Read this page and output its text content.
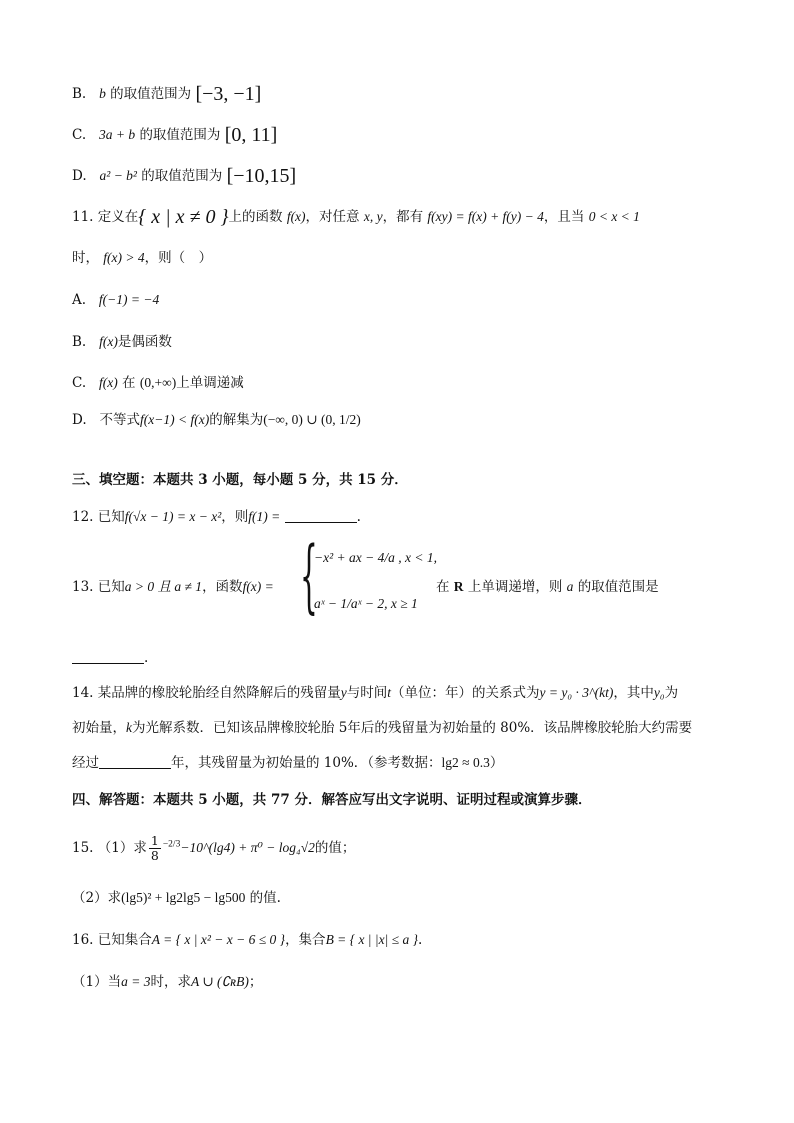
B. b 的取值范围为 [−3, −1]
C. 3a + b 的取值范围为 [0, 11]
D. a² − b² 的取值范围为 [−10,15]
11. 定义在{ x | x ≠ 0 }上的函数 f(x)，对任意 x, y，都有 f(xy) = f(x) + f(y) − 4，且当 0 < x < 1
时， f(x) > 4，则（　）
A. f(−1) = −4
B. f(x)是偶函数
C. f(x) 在 (0,+∞)上单调递减
D. 不等式f(x−1) < f(x)的解集为(−∞, 0) ∪ (0, 1/2)
三、填空题：本题共 3 小题，每小题 5 分，共 15 分．
12. 已知f(√x − 1) = x − x²，则f(1) =	.
13. 已知a > 0 且 a ≠ 1，函数f(x) = {
−x² + ax − 4/a , x < 1,
aˣ − 1/aˣ − 2, x ≥ 1
在 R 上单调递增，则 a 的取值范围是
.
14. 某品牌的橡胶轮胎经自然降解后的残留量y与时间t（单位：年）的关系式为y = y₀ · 3^(kt)，其中y₀为
初始量，k为光解系数．已知该品牌橡胶轮胎 5年后的残留量为初始量的 80%．该品牌橡胶轮胎大约需要
经过	年，其残留量为初始量的 10%．（参考数据：lg2 ≈ 0.3）
四、解答题：本题共 5 小题，共 77 分．解答应写出文字说明、证明过程或演算步骤．
15. （1）求 $\frac{1}{8}$ $^{-2/3}$−10^(lg4) + π⁰ − log₄√2的值；
（2）求(lg5)² + lg2lg5 − lg500 的值.
16. 已知集合A = { x | x² − x − 6 ≤ 0 }，集合B = { x | |x| ≤ a }.
（1）当a = 3时，求A ∪ (∁ʀB)；
